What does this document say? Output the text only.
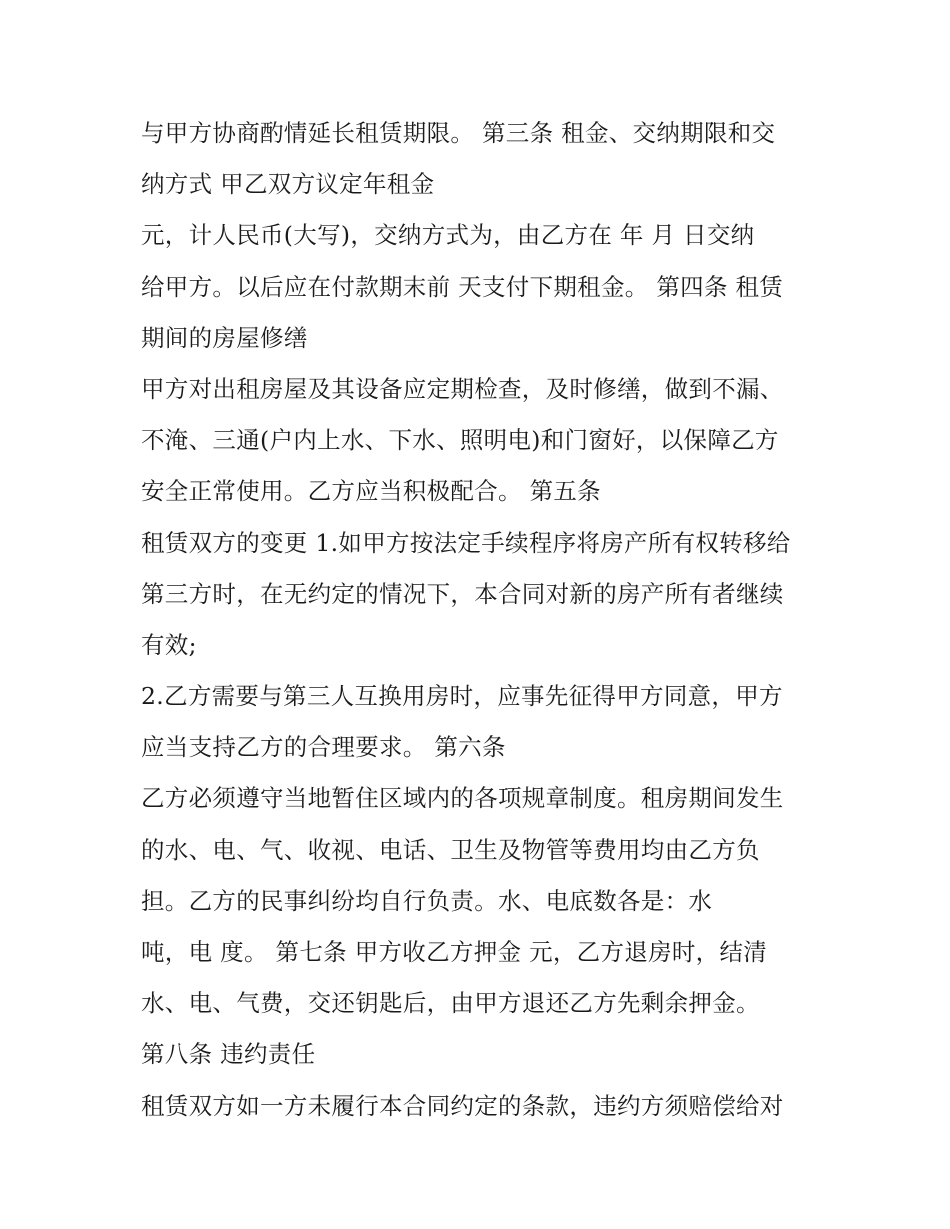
与甲方协商酌情延长租赁期限。 第三条 租金、交纳期限和交
纳方式 甲乙双方议定年租金
元，计人民币(大写)，交纳方式为，由乙方在 年 月 日交纳
给甲方。以后应在付款期末前 天支付下期租金。 第四条 租赁
期间的房屋修缮
甲方对出租房屋及其设备应定期检查，及时修缮，做到不漏、
不淹、三通(户内上水、下水、照明电)和门窗好，以保障乙方
安全正常使用。乙方应当积极配合。 第五条
租赁双方的变更 1.如甲方按法定手续程序将房产所有权转移给
第三方时，在无约定的情况下，本合同对新的房产所有者继续
有效;
2.乙方需要与第三人互换用房时，应事先征得甲方同意，甲方
应当支持乙方的合理要求。 第六条
乙方必须遵守当地暂住区域内的各项规章制度。租房期间发生
的水、电、气、收视、电话、卫生及物管等费用均由乙方负
担。乙方的民事纠纷均自行负责。水、电底数各是：水
吨，电 度。 第七条 甲方收乙方押金 元，乙方退房时，结清
水、电、气费，交还钥匙后，由甲方退还乙方先剩余押金。
第八条 违约责任
租赁双方如一方未履行本合同约定的条款，违约方须赔偿给对
